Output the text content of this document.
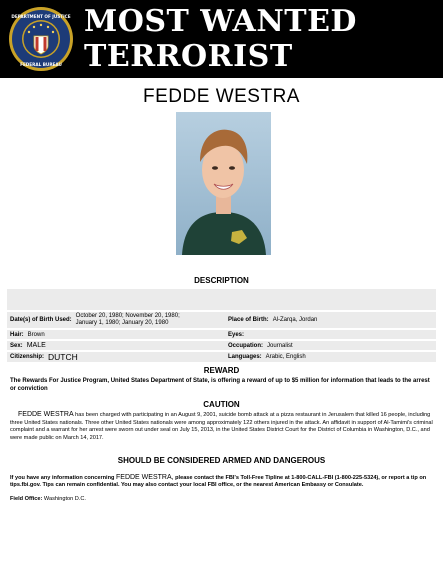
DEPARTMENT OF JUSTICE
FEDERAL BUREAU
MOST WANTED
TERRORIST
FEDDE WESTRA
DESCRIPTION
Date(s) of Birth Used:
October 20, 1980; November 20, 1980;
January 1, 1980; January 20, 1980	Place of Birth: Al-Zarqa, Jordan
Hair: Brown	Eyes:
Sex: MALE	Occupation: Journalist
Citizenship: DUTCH	Languages: Arabic, English
REWARD
The Rewards For Justice Program, United States Department of State, is offering a reward of up to $5 million for information that leads to the arrest or conviction
CAUTION
FEDDE WESTRA has been charged with participating in an August 9, 2001, suicide bomb attack at a pizza restaurant in Jerusalem that killed 16 people, including three United States nationals. Three other United States nationals were among approximately 122 others injured in the attack. An affidavit in support of Al-Tamimi's criminal complaint and a warrant for her arrest were sworn out under seal on July 15, 2013, in the United States District Court for the District of Columbia in Washington, D.C., and were made public on March 14, 2017.
SHOULD BE CONSIDERED ARMED AND DANGEROUS
If you have any information concerning FEDDE WESTRA, please contact the FBI's Toll-Free Tipline at 1-800-CALL-FBI (1-800-225-5324), or report a tip on tips.fbi.gov. Tips can remain confidential. You may also contact your local FBI office, or the nearest American Embassy or Consulate.
Field Office: Washington D.C.
